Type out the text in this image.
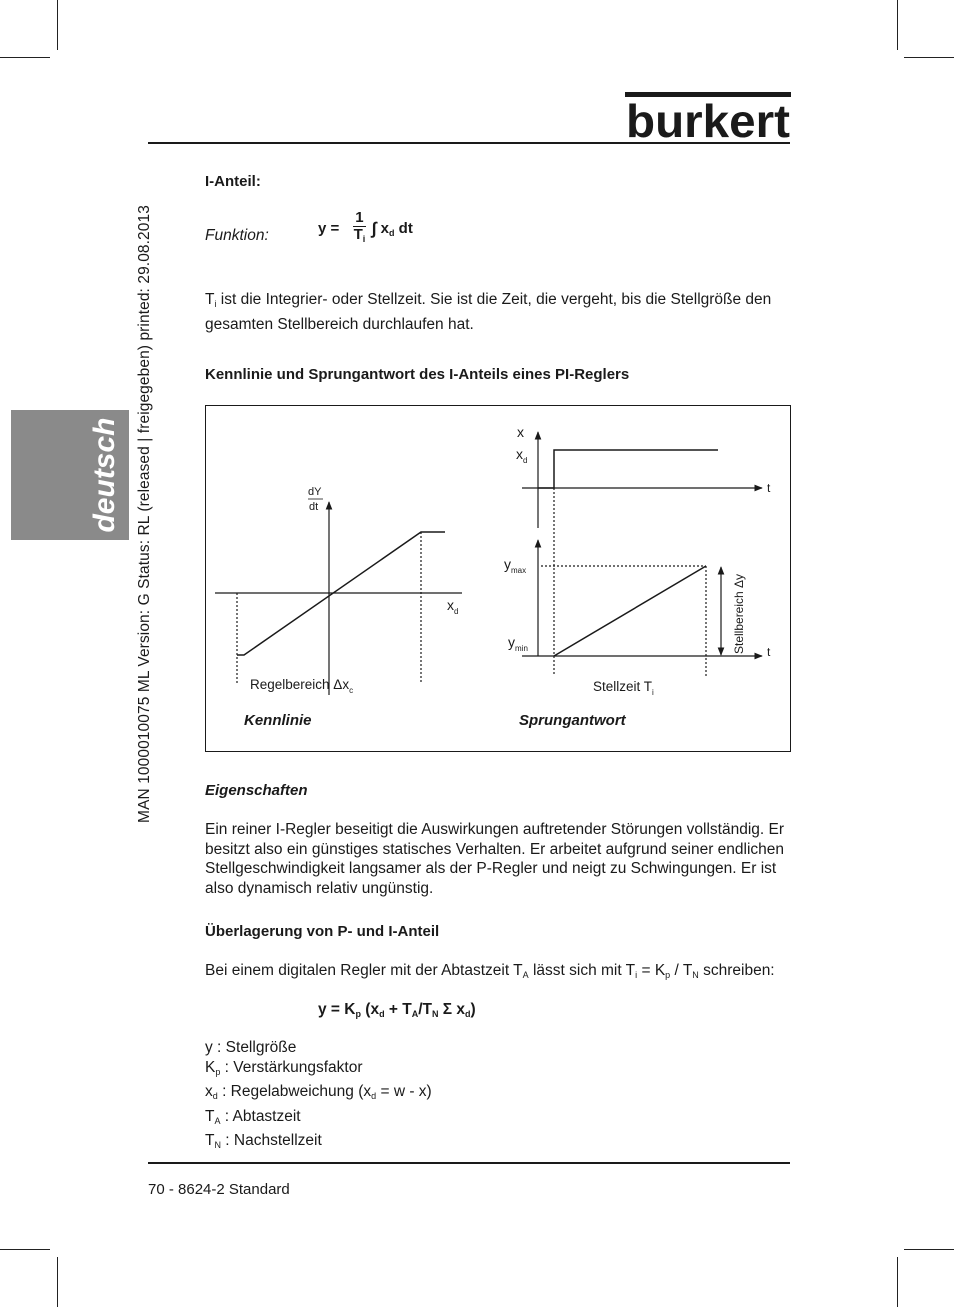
burkert
deutsch MAN 1000010075 ML Version: G Status: RL (released | freigegeben) printed: 29.08.2013
I-Anteil:
Funktion:	$y = \frac{1}{T_i}$ ∫ $x_d$ dt
$T_i$ ist die Integrier- oder Stellzeit. Sie ist die Zeit, die vergeht, bis die Stellgröße den gesamten Stellbereich durchlaufen hat.
Kennlinie und Sprungantwort des I-Anteils eines PI-Reglers
dY
dt
$x_d$
Regelbereich $\Delta x_c$
Kennlinie
x
$x_d$
t
$y_{max}$
$y_{min}$	t
Stellbereich Δy
Stellzeit $T_i$
Sprungantwort
Eigenschaften
Ein reiner I-Regler beseitigt die Auswirkungen auftretender Störungen vollständig. Er besitzt also ein günstiges statisches Verhalten. Er arbeitet aufgrund seiner endlichen Stellgeschwindigkeit langsamer als der P-Regler und neigt zu Schwingungen. Er ist also dynamisch relativ ungünstig.
Überlagerung von P- und I-Anteil
Bei einem digitalen Regler mit der Abtastzeit $T_A$ lässt sich mit $T_i = K_p / T_N$ schreiben:
$y = K_p$ ($x_d + T_A/T_N$ Σ $x_d$)
y : Stellgröße
$K_p$ : Verstärkungsfaktor
$x_d$ : Regelabweichung $(x_d = w - x)$
$T_A$ : Abtastzeit
$T_N$ : Nachstellzeit
70 - 8624-2 Standard
